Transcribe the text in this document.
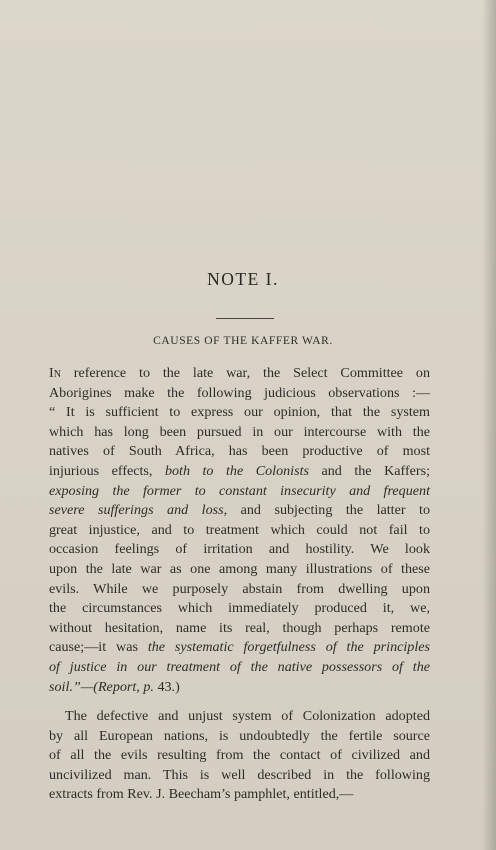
NOTE I.
CAUSES OF THE KAFFER WAR.
In reference to the late war, the Select Committee on
Aborigines make the following judicious observations :—
“ It is sufficient to express our opinion, that the system
which has long been pursued in our intercourse with the
natives of South Africa, has been productive of most
injurious effects, both to the Colonists and the Kaffers;
exposing the former to constant insecurity and frequent
severe sufferings and loss, and subjecting the latter to
great injustice, and to treatment which could not fail to
occasion feelings of irritation and hostility. We look
upon the late war as one among many illustrations of these
evils. While we purposely abstain from dwelling upon
the circumstances which immediately produced it, we,
without hesitation, name its real, though perhaps remote
cause;—it was the systematic forgetfulness of the principles
of justice in our treatment of the native possessors of the
soil.”—(Report, p. 43.)
The defective and unjust system of Colonization adopted
by all European nations, is undoubtedly the fertile source
of all the evils resulting from the contact of civilized and
uncivilized man. This is well described in the following
extracts from Rev. J. Beecham’s pamphlet, entitled,—
